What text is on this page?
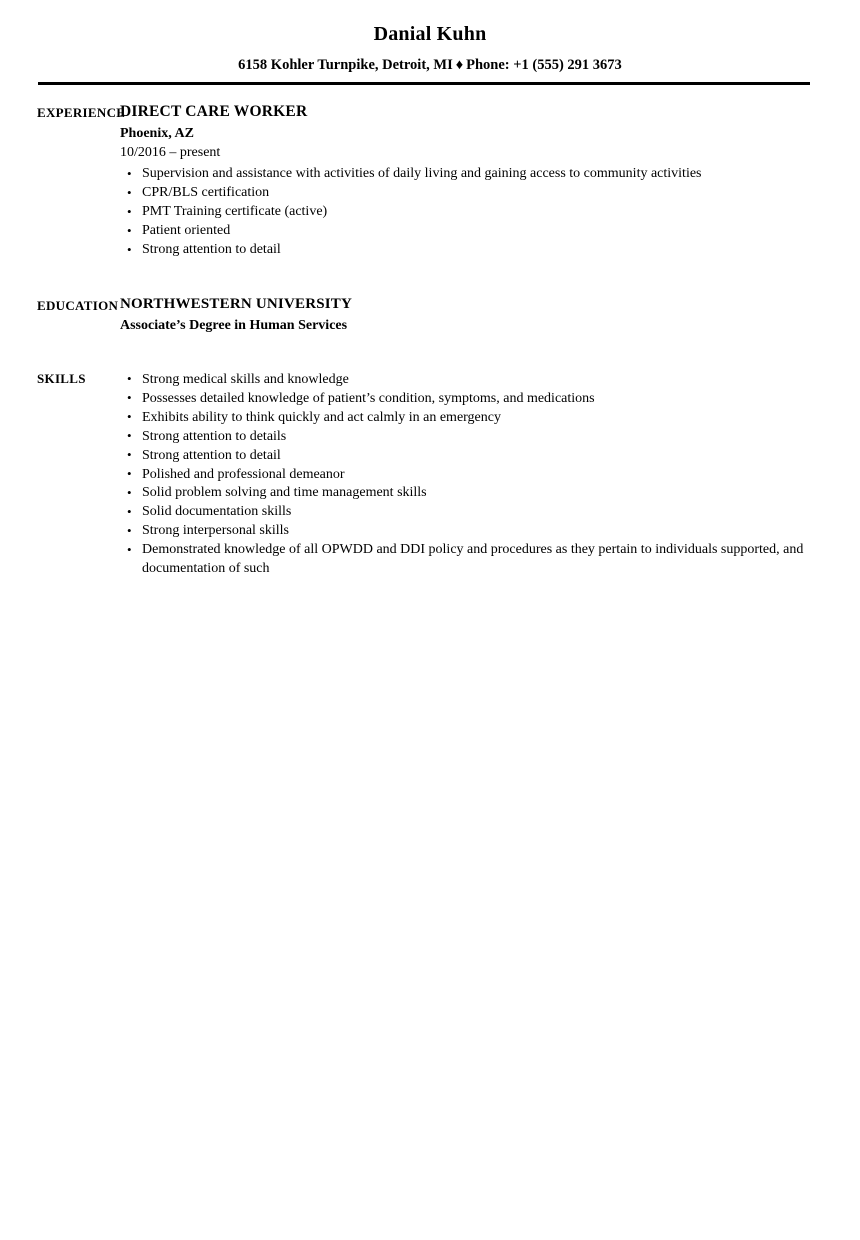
Danial Kuhn
6158 Kohler Turnpike, Detroit, MI ♦ Phone: +1 (555) 291 3673
EXPERIENCE
DIRECT CARE WORKER
Phoenix, AZ
10/2016 – present
• Supervision and assistance with activities of daily living and gaining access to community activities
• CPR/BLS certification
• PMT Training certificate (active)
• Patient oriented
• Strong attention to detail
EDUCATION NORTHWESTERN UNIVERSITY
Associate’s Degree in Human Services
SKILLS	• Strong medical skills and knowledge
• Possesses detailed knowledge of patient’s condition, symptoms, and medications
• Exhibits ability to think quickly and act calmly in an emergency
• Strong attention to details
• Strong attention to detail
• Polished and professional demeanor
• Solid problem solving and time management skills
• Solid documentation skills
• Strong interpersonal skills
• Demonstrated knowledge of all OPWDD and DDI policy and procedures as they pertain to individuals supported, and documentation of such
